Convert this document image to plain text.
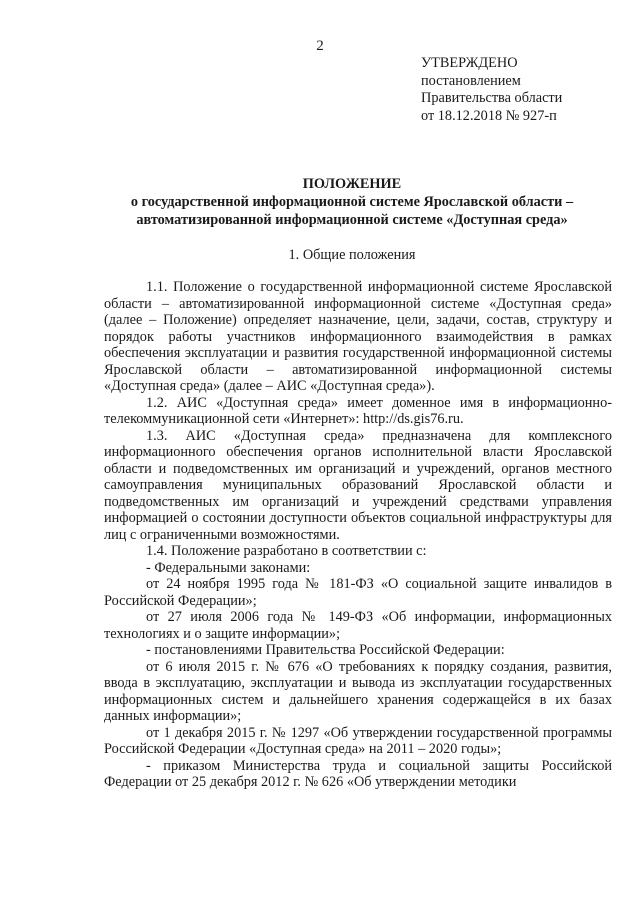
2
УТВЕРЖДЕНО
постановлением
Правительства области
от 18.12.2018 № 927-п
ПОЛОЖЕНИЕ
о государственной информационной системе Ярославской области –
автоматизированной информационной системе «Доступная среда»
1. Общие положения

1.1. Положение о государственной информационной системе Ярославской области – автоматизированной информационной системе «Доступная среда» (далее – Положение) определяет назначение, цели, задачи, состав, структуру и порядок работы участников информационного взаимодействия в рамках обеспечения эксплуатации и развития государственной информационной системы Ярославской области – автоматизированной информационной системы «Доступная среда» (далее – АИС «Доступная среда»).

1.2. АИС «Доступная среда» имеет доменное имя в информационно-телекоммуникационной сети «Интернет»: http://ds.gis76.ru.

1.3. АИС «Доступная среда» предназначена для комплексного информационного обеспечения органов исполнительной власти Ярославской области и подведомственных им организаций и учреждений, органов местного самоуправления муниципальных образований Ярославской области и подведомственных им организаций и учреждений средствами управления информацией о состоянии доступности объектов социальной инфраструктуры для лиц с ограниченными возможностями.

1.4. Положение разработано в соответствии с:

- Федеральными законами:

от 24 ноября 1995 года № 181-ФЗ «О социальной защите инвалидов в Российской Федерации»;

от 27 июля 2006 года № 149-ФЗ «Об информации, информационных технологиях и о защите информации»;

- постановлениями Правительства Российской Федерации:

от 6 июля 2015 г. № 676 «О требованиях к порядку создания, развития, ввода в эксплуатацию, эксплуатации и вывода из эксплуатации государственных информационных систем и дальнейшего хранения содержащейся в их базах данных информации»;

от 1 декабря 2015 г. № 1297 «Об утверждении государственной программы Российской Федерации «Доступная среда» на 2011 – 2020 годы»;

- приказом Министерства труда и социальной защиты Российской Федерации от 25 декабря 2012 г. № 626 «Об утверждении методики
